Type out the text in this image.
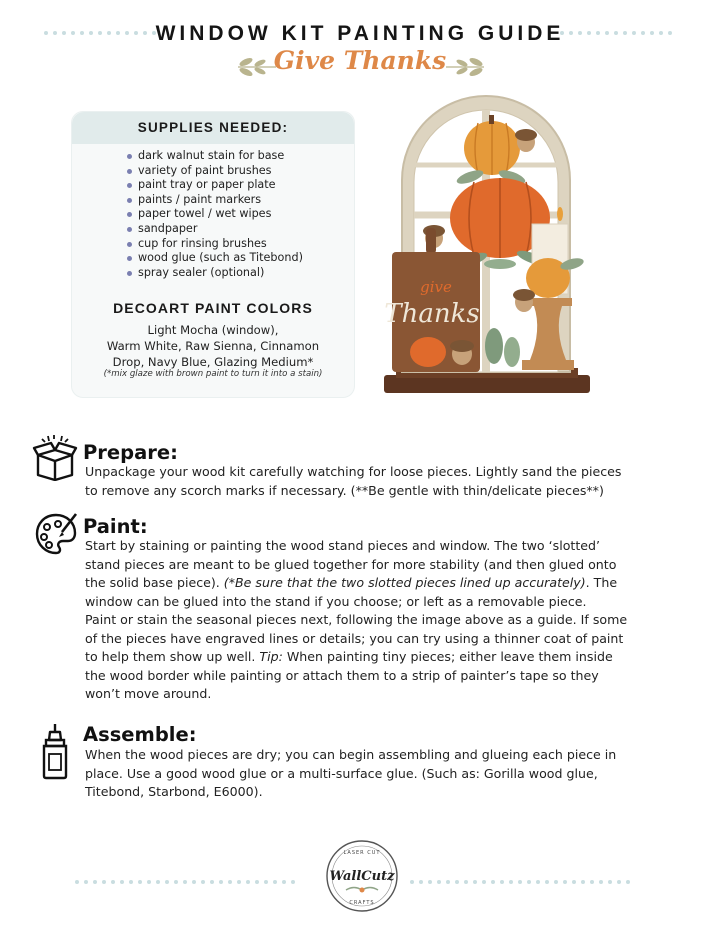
WINDOW KIT PAINTING GUIDE
Give Thanks
SUPPLIES NEEDED:
dark walnut stain for base
variety of paint brushes
paint tray or paper plate
paints / paint markers
paper towel / wet wipes
sandpaper
cup for rinsing brushes
wood glue (such as Titebond)
spray sealer (optional)
DECOART PAINT COLORS
Light Mocha (window),
Warm White, Raw Sienna, Cinnamon
Drop, Navy Blue, Glazing Medium*
(*mix glaze with brown paint to turn it into a stain)
give
Thanks
Prepare:
Unpackage your wood kit carefully watching for loose pieces. Lightly sand the pieces
to remove any scorch marks if necessary. (**Be gentle with thin/delicate pieces**)
Paint:
Start by staining or painting the wood stand pieces and window. The two ‘slotted’
stand pieces are meant to be glued together for more stability (and then glued onto
the solid base piece). (*Be sure that the two slotted pieces lined up accurately). The
window can be glued into the stand if you choose; or left as a removable piece.
Paint or stain the seasonal pieces next, following the image above as a guide. If some
of the pieces have engraved lines or details; you can try using a thinner coat of paint
to help them show up well. Tip: When painting tiny pieces; either leave them inside
the wood border while painting or attach them to a strip of painter’s tape so they
won’t move around.
Assemble:
When the wood pieces are dry; you can begin assembling and glueing each piece in
place. Use a good wood glue or a multi-surface glue. (Such as: Gorilla wood glue,
Titebond, Starbond, E6000).
LASER CUT
WallCutz
CRAFTS
